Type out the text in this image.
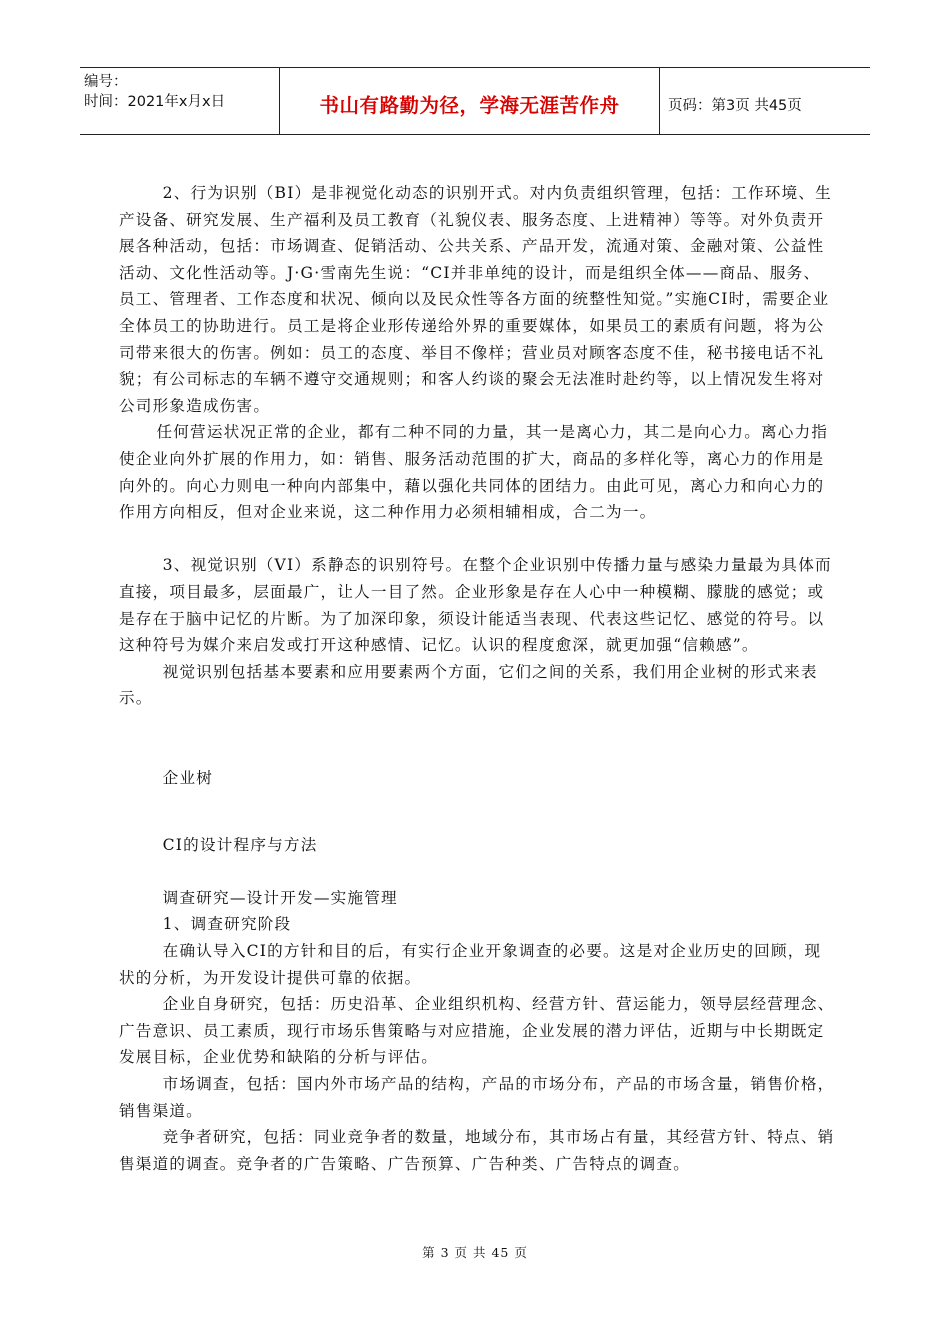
编号：
时间：2021年x月x日	书山有路勤为径，学海无涯苦作舟	页码：第3页 共45页

2、行为识别（BI）是非视觉化动态的识别开式。对内负责组织管理，包括：工作环境、生产设备、研究发展、生产福利及员工教育（礼貌仪表、服务态度、上进精神）等等。对外负责开展各种活动，包括：市场调查、促销活动、公共关系、产品开发，流通对策、金融对策、公益性活动、文化性活动等。J·G·雪南先生说：“CI并非单纯的设计，而是组织全体——商品、服务、员工、管理者、工作态度和状况、倾向以及民众性等各方面的统整性知觉。”实施CI时，需要企业全体员工的协助进行。员工是将企业形传递给外界的重要媒体，如果员工的素质有问题，将为公司带来很大的伤害。例如：员工的态度、举目不像样；营业员对顾客态度不佳，秘书接电话不礼貌；有公司标志的车辆不遵守交通规则；和客人约谈的聚会无法准时赴约等，以上情况发生将对公司形象造成伤害。

任何营运状况正常的企业，都有二种不同的力量，其一是离心力，其二是向心力。离心力指使企业向外扩展的作用力，如：销售、服务活动范围的扩大，商品的多样化等，离心力的作用是向外的。向心力则电一种向内部集中，藉以强化共同体的团结力。由此可见，离心力和向心力的作用方向相反，但对企业来说，这二种作用力必须相辅相成，合二为一。

3、视觉识别（VI）系静态的识别符号。在整个企业识别中传播力量与感染力量最为具体而直接，项目最多，层面最广，让人一目了然。企业形象是存在人心中一种模糊、朦胧的感觉；或是存在于脑中记忆的片断。为了加深印象，须设计能适当表现、代表这些记忆、感觉的符号。以这种符号为媒介来启发或打开这种感情、记忆。认识的程度愈深，就更加强“信赖感”。

视觉识别包括基本要素和应用要素两个方面，它们之间的关系，我们用企业树的形式来表示。

企业树

CI的设计程序与方法

调查研究—设计开发—实施管理

1、调查研究阶段

在确认导入CI的方针和目的后，有实行企业开象调查的必要。这是对企业历史的回顾，现状的分析，为开发设计提供可靠的依据。

企业自身研究，包括：历史沿革、企业组织机构、经营方针、营运能力，领导层经营理念、广告意识、员工素质，现行市场乐售策略与对应措施，企业发展的潜力评估，近期与中长期既定发展目标，企业优势和缺陷的分析与评估。

市场调查，包括：国内外市场产品的结构，产品的市场分布，产品的市场含量，销售价格，销售渠道。

竞争者研究，包括：同业竞争者的数量，地域分布，其市场占有量，其经营方针、特点、销售渠道的调查。竞争者的广告策略、广告预算、广告种类、广告特点的调查。

第 3 页 共 45 页
